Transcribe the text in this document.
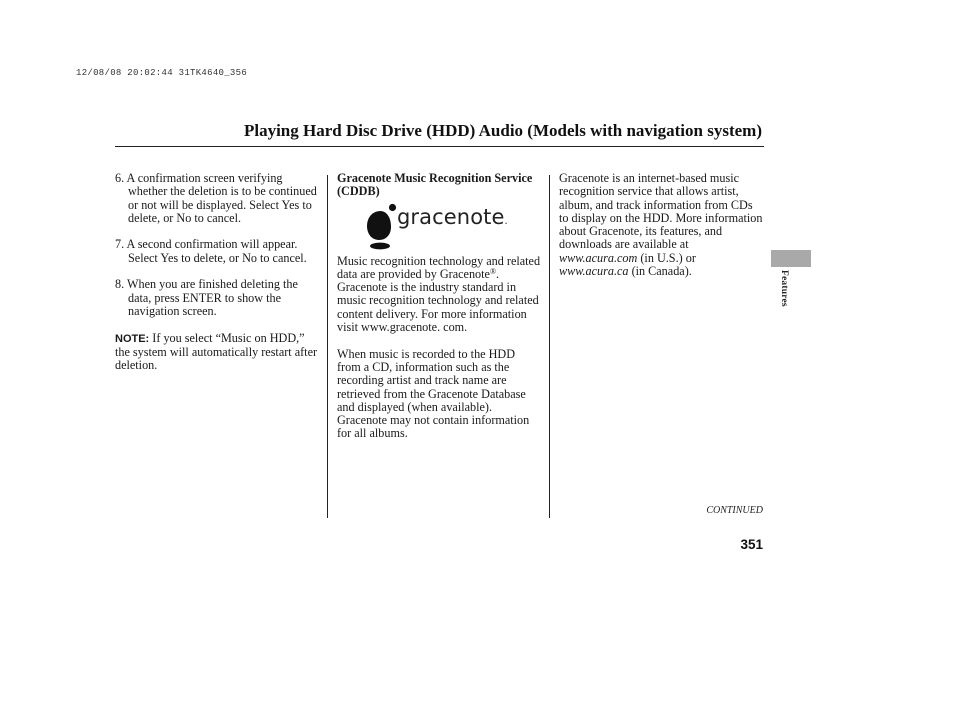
12/08/08 20:02:44 31TK4640_356
Playing Hard Disc Drive (HDD) Audio (Models with navigation system)

6. A confirmation screen verifying whether the deletion is to be continued or not will be displayed. Select Yes to delete, or No to cancel.

7. A second confirmation will appear. Select Yes to delete, or No to cancel.

8. When you are finished deleting the data, press ENTER to show the navigation screen.

NOTE: If you select “Music on HDD,” the system will automatically restart after deletion.

Gracenote Music Recognition Service (CDDB)

gracenote.

Music recognition technology and related data are provided by Gracenote®. Gracenote is the industry standard in music recognition technology and related content delivery. For more information visit www.gracenote. com.

When music is recorded to the HDD from a CD, information such as the recording artist and track name are retrieved from the Gracenote Database and displayed (when available). Gracenote may not contain information for all albums.

Gracenote is an internet-based music recognition service that allows artist, album, and track information from CDs to display on the HDD. More information about Gracenote, its features, and downloads are available at www.acura.com (in U.S.) or www.acura.ca (in Canada).	Features
CONTINUED
351
